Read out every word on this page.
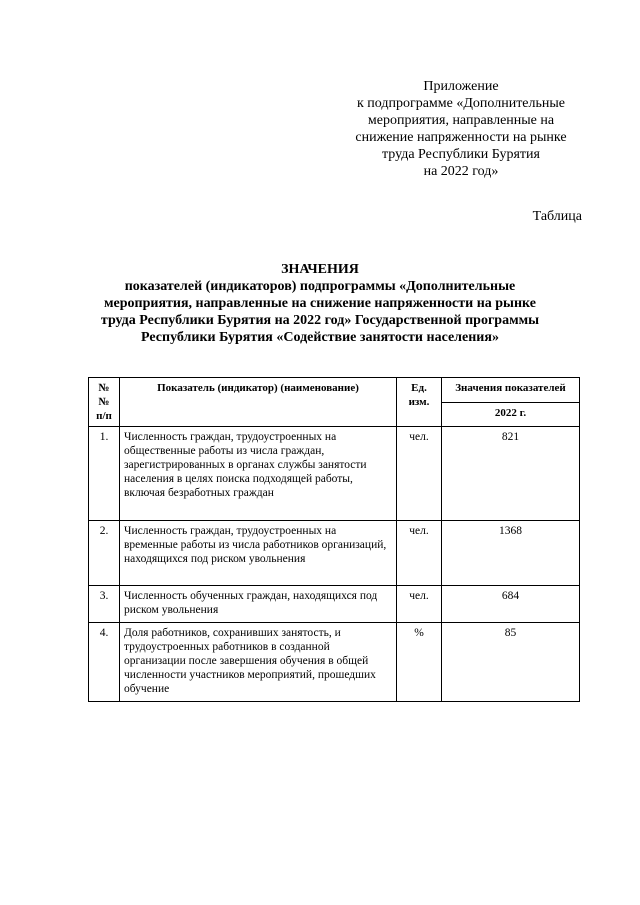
Приложение
к подпрограмме «Дополнительные
мероприятия, направленные на
снижение напряженности на рынке
труда Республики Бурятия
на 2022 год»
Таблица
ЗНАЧЕНИЯ
показателей (индикаторов) подпрограммы «Дополнительные
мероприятия, направленные на снижение напряженности на рынке
труда Республики Бурятия на 2022 год» Государственной программы
Республики Бурятия «Содействие занятости населения»
№№ п/п	Показатель (индикатор) (наименование)	Ед. изм.	Значения показателей
			2022 г.
1.	Численность граждан, трудоустроенных на общественные работы из числа граждан, зарегистрированных в органах службы занятости населения в целях поиска подходящей работы, включая безработных граждан	чел.	821
2.	Численность граждан, трудоустроенных на временные работы из числа работников организаций, находящихся под риском увольнения	чел.	1368
3.	Численность обученных граждан, находящихся под риском увольнения	чел.	684
4.	Доля работников, сохранивших занятость, и трудоустроенных работников в созданной организации после завершения обучения в общей численности участников мероприятий, прошедших обучение	%	85
